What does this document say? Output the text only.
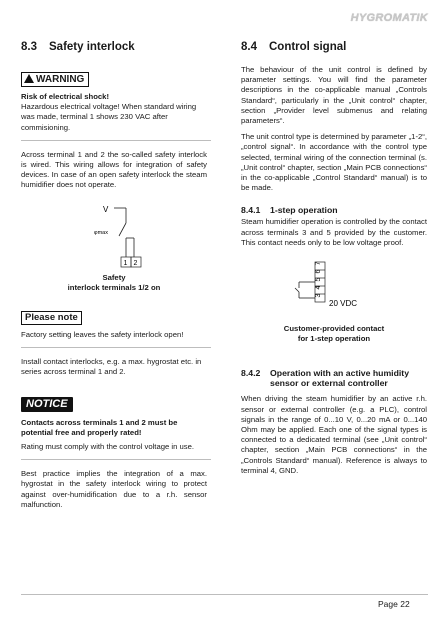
HYGROMATIK
8.3 Safety interlock
WARNING

Risk of electrical shock!

Hazardous electrical voltage! When standard wiring was made, terminal 1 shows 230 VAC after commisioning.

Across terminal 1 and 2 the so-called safety interlock is wired. This wiring allows for integration of safety devices. In case of an open safety interlock the steam humidifier does not operate.

V
φmax
1 2

Safety

interlock terminals 1/2 on

Please note

Factory setting leaves the safety interlock open!

Install contact interlocks, e.g. a max. hygrostat etc. in series across terminal 1 and 2.

NOTICE

Contacts across terminals 1 and 2 must be potential free and properly rated!

Rating must comply with the control voltage in use.

Best practice implies the integration of a max. hygrostat in the safety interlock wiring to protect against over-humidification due to a r.h. sensor malfunction.

8.4 Control signal

The behaviour of the unit control is defined by parameter settings. You will find the parameter descriptions in the co-applicable manual „Controls Standard“, particularly in the „Unit control“ chapter, section „Provider level submenus and relating parameters“.

The unit control type is determined by parameter „1-2“, „control signal“. In accordance with the control type selected, terminal wiring of the connection terminal (s. „Unit control“ chapter, section „Main PCB connections“ in the co-applicable „Control Standard“ manual) is to be made.

8.4.1	1-step operation

Steam humidifier operation is controlled by the contact across terminals 3 and 5 provided by the customer. This contact needs only to be low voltage proof.

3
4
5
6
7
20 VDC

Customer-provided contact

for 1-step operation

8.4.2	Operation with an active humidity sensor or external controller

When driving the steam humidifier by an active r.h. sensor or external controller (e.g. a PLC), control signals in the range of 0...10 V, 0...20 mA or 0...140 Ohm may be applied. Each one of the signal types is connected to a dedicated terminal (see „Unit control“ chapter, section „Main PCB connections“ in the „Controls Standard“ manual). Reference is always to terminal 4, GND.

Page 22
